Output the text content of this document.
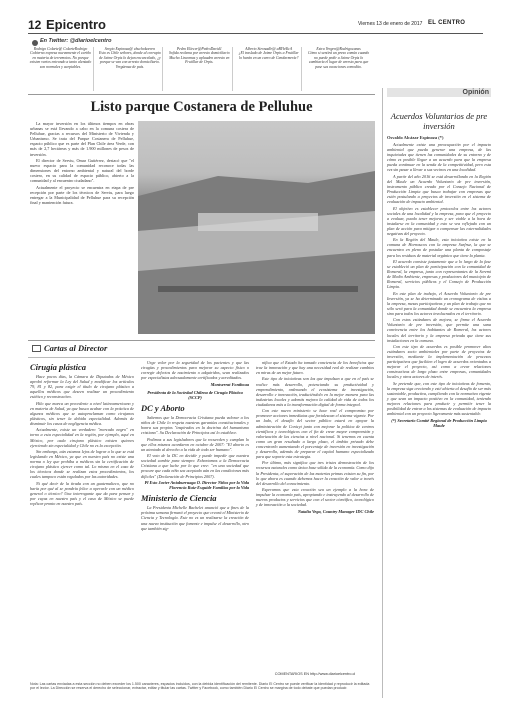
12 Epicentro	Viernes 13 de enero de 2017 EL CENTRO
En Twitter: @diarioelcentro
Rodrigo Colarte@ ColarteRodrigo
Gobierno expresa nuevamente el cariño en materia de terremotos. No porque existen varios entrando a tanto alentado son normales y aceptables.
Sergio Espinoza@ chuchokoeren
Esto es Chile señores, donde al corrupto de Jaime Orpis lo dejan encarcelado, ¿y porque se van con arresto domiciliario. Vergüenza de país.
Pedro Eliecer@PedroDavid1
Sofida reclama por arresto domiciliario Mucho Lincomas y aplauden arresto en Frutillar de Orpis.
Alberto Stronadle@ aBYbAlcA
¿El traslado de Jaime Orpis a Frutillar lo harán en un carro de Gendarmería?
Estra Vergen@Rodrigocanas
Cómo si sentirá un preso común cuando no puede pedir a Jaime Orpis lo cambiaría el lugar de arresto para que pase sus vacaciones comodito.
Listo parque Costanera de Pelluhue

La mayor inversión en los últimos tiempos en obras urbanas se está llevando a cabo en la comuna costera de Pelluhue, gracias a recursos del Ministerio de Vivienda y Urbanismo. Se trata del Parque Costanera de Pelluhue, espacio público que es parte del Plan Chile área Verde, con más de 2,7 hectáreas y más de 1.900 millones de pesos de inversión.

El director de Serviu, Omar Gutiérrez, destacó que "el nuevo espacio para la comunidad reconoce todas las dimensiones del entorno ambiental y natural del borde costero, en su calidad de espacio público, abierto a la comunidad y al encuentro ciudadano".

Actualmente el proyecto se encuentra en etapa de pre recepción por parte de los técnicos de Serviu, para luego entregar a la Municipalidad de Pelluhue para su recepción final y mantención futura.

Cartas al Director
Cirugía plástica

Hace pocos días, la Cámara de Diputados de México aprobó reformar la Ley del Salud y modificar los artículos 79, 81 y 82, para exigir el título de cirujano plástico a aquellos médicos que deseen realizar un procedimiento estético y reconstructivo.

Hilo que marca un precedente a nivel latinoamericano y en materia de Salud, ya que busca acabar con la práctica de algunos médicos que se autoproclaman como cirujanos plásticos, sin tener la debida especialidad. Además de disminuir los casos de negligencia médica.

Actualmente, existe un verdadero "mercado negro" en torno a esta especialidad en la región, por ejemplo, aquí en México, por cada cirujano plástico existen quienes ejerciendo sin especialidad y Chile no es la excepción.

Sin embargo, aún estamos lejos de lograr a lo que se está legislando en México, ya que en nuestro país no existe una norma o ley que prohíba a médicos sin la certificación de cirujano plástico ejercer como tal. Lo mismo en el caso de los técnicos donde se realizan estos procedimientos, los cuales tampoco están regulados por las autoridades.

Ni qué decir de la tirada con un guatemalteco, que no haría por qué al se pondría felice a operarle con un médico general o técnico? Una interrogante que da para pensar y por cuyas en nuestro país y el caso de México se puede replicar pronto en nuestro país.

Urge velar por la seguridad de los pacientes y que las cirugías y procedimientos para mejorar su aspecto físico o corregir defectos de nacimiento o adquiridos, sean realizados por especialistas adecuadamente certificados y acreditados.

Montserrat Fontboua
Presidenta de la Sociedad Chilena de Cirugía Plástica (SCCP)
DC y Aborto

Sabemos que la Democracia Cristiana pueda valorar a los niños de Chile lo respeta nuestras garantías constitucionales y honra sus propios "inspirados en la doctrina del humanismo cristiano". Su Declaración de Principios así lo establece.

Pedimos a sus legisladores que la recuerden y cumplan lo que ellos mismos acordaron en octubre de 2007: "El aborto es un atentado al derecho a la vida de todo ser humano".

El voto de la DC en decidir y puede impedir que nuestra sociedad cambie para siempre. Exhortamos a la Democracia Cristiana a que luche por lo que cree: "en una sociedad que procure que cada niño sea aceptado aún en las condiciones más difíciles" (Declaración de Principios 2007).

Pl Esto Javier Aniaburruaga O. Director Niños por la Vida Florencia Ruiz-Esquide Familias por la Vida
Ministerio de Ciencia

La Presidenta Michelle Bachelet anunció que a fines de la próxima semana firmará el proyecto que creará el Ministerio de Ciencia y Tecnología. Este no es un realizarse la creación de una nueva institución que fomente e impulse el desarrollo, otro que también sig-

nifica que el Estado ha tomado conciencia de los beneficios que trae la innovación y que hay una necesidad real de realizar cambios en miras de un mejor futuro.

Este tipo de iniciativas son las que impulsan a que en el país se realice más desarrollo, potenciando su productividad y emprendimiento, ordenando el ecosistema de investigación, desarrollo e innovación, traduciéndolo en la mejor manera para las industrias locales y además mejora la calidad de vida de todos los ciudadanos más a la transformación digital de forma integral.

Con este nuevo ministerio se hace real el compromiso por promover acciones inmediatas que fortalezcan el sistema vigente. Por un lado, el desafío del sector público estará en apoyar la administración de Conicyt junto con mejorar la política de centros científicos y tecnológicos con el fin de crear mayor comprensión y valorización de las ciencias a nivel nacional. Si tenemos en cuenta como un gran resultado a largo plazo, el ámbito privado debe concentrarlo aumentando el porcentaje de inversión en investigación y desarrollo, además de preparar el capital humano especializado para que soporte esta estrategia.

Por último, más significa que tres tristes demostración de los recursos naturales como única base sólida de la economía. Como dijo la Presidenta, el superación de las materias primas existen su fin, por lo que ahora es cuando debemos hacer la creación de valor a través del desarrollo del conocimiento.

Esperamos que esta creación sea un ejemplo a la hora de impulsar la economía país, apropiando e instruyendo al desarrollo de nuevos productos y servicios que con el sector científico, tecnológico y de innovación a la sociedad.

Natalia Vega, Country Manager IDC Chile
COMENTARIOS EN http://www.diarioelcentro.cl
Nota: Las cartas enviadas a esta sección no deben exceder los 1.500 caracteres, espacios incluidos, con la debida identificación del remitente. Diario El Centro se puede verificar la identidad y reproducir la editada por el lector. La Dirección se reserva el derecho de seleccionar, extractar, editar y titular las cartas. Twitter y Facebook, como también Diario El Centro se margina de todo debate que puedan producir.
Opinión
Acuerdos Voluntarios de pre inversión
Osvaldo Alcázar Espinoza (*)

Actualmente existe una preocupación por el impacto ambiental que pueda generar una empresa, de las inquietudes que tienen las comunidades de su entorno y de cómo es posible llegar a un acuerdo para que la empresa pueda continuar en la senda de la competitividad, pero esta vez sin pasar a llevar a sus vecinos en una localidad.

A partir del año 2016 se está desarrollando en la Región del Maule un Acuerdo Voluntario de pre inversión, instrumento público creado por el Consejo Nacional de Producción Limpia que busca trabajar con empresas que estén postulando a proyectos de inversión en el sistema de evaluación de impacto ambiental.

El objetivo es establecer protocolos entre los actores sociales de una localidad y la empresa, para que el proyecto a evaluar, pueda tener mejoras y ser viable a la hora de instalarse en la comunidad y esto se vea reflejado con un plan de acción para mitigar o compensar las externalidades negativas del proyecto.

En la Región del Maule, esta iniciativa existe en la comuna de Hornoucos con la empresa Surfruz, la que se encuentra en pleno de postular una planta de compostaje para los residuos de material orgánico que tiene la planta.

El acuerdo consiste justamente que a lo largo de la fase se estableció un plan de participación con la comunidad de Romeral, la empresa, junto con representantes de la Seremi de Medio Ambiente, empresas y productores del municipio de Romeral, servicios públicos y el Consejo de Producción Limpia.

En este plan de trabajo, el Acuerdo Voluntario de pre Inversión, ya se ha determinado un cronograma de visitas a la empresa, mesas participativas y un plan de trabajo que no sólo será para la comunidad donde se encuentra la empresa sino para todos los actores involucrados en el territorio.

Con estos estándares de mejora, se firma el Acuerdo Voluntario de pre inversión, que permite una sana convivencia entre los habitantes de Romeral, los actores locales del territorio y la empresa privada que tiene sus instalaciones en la comuna.

Con este tipo de acuerdos es posible promover altos estándares socio ambientales por parte de proyectos de inversión, mediante la implementación de procesos participativos que faciliten el logro de acuerdos orientados a mejorar el proyecto, así como a crear relaciones constructivas de largo plazo entre empresas, comunidades locales y otros actores de interés.

Se pretende que, con este tipo de iniciativas de fomento, la empresa siga creciendo y esté abierta al desafío de ser más sustentable, productiva, cumpliendo con la normativa vigente y que sean un impacto positivo en la comunidad, teniendo mejores relaciones para producir y permitir tener la posibilidad de entrar a los sistemas de evaluación de impacto ambiental con un proyecto ligeramente más sustentable.

(*) Secretario Comité Regional de Producción Limpia Maule
